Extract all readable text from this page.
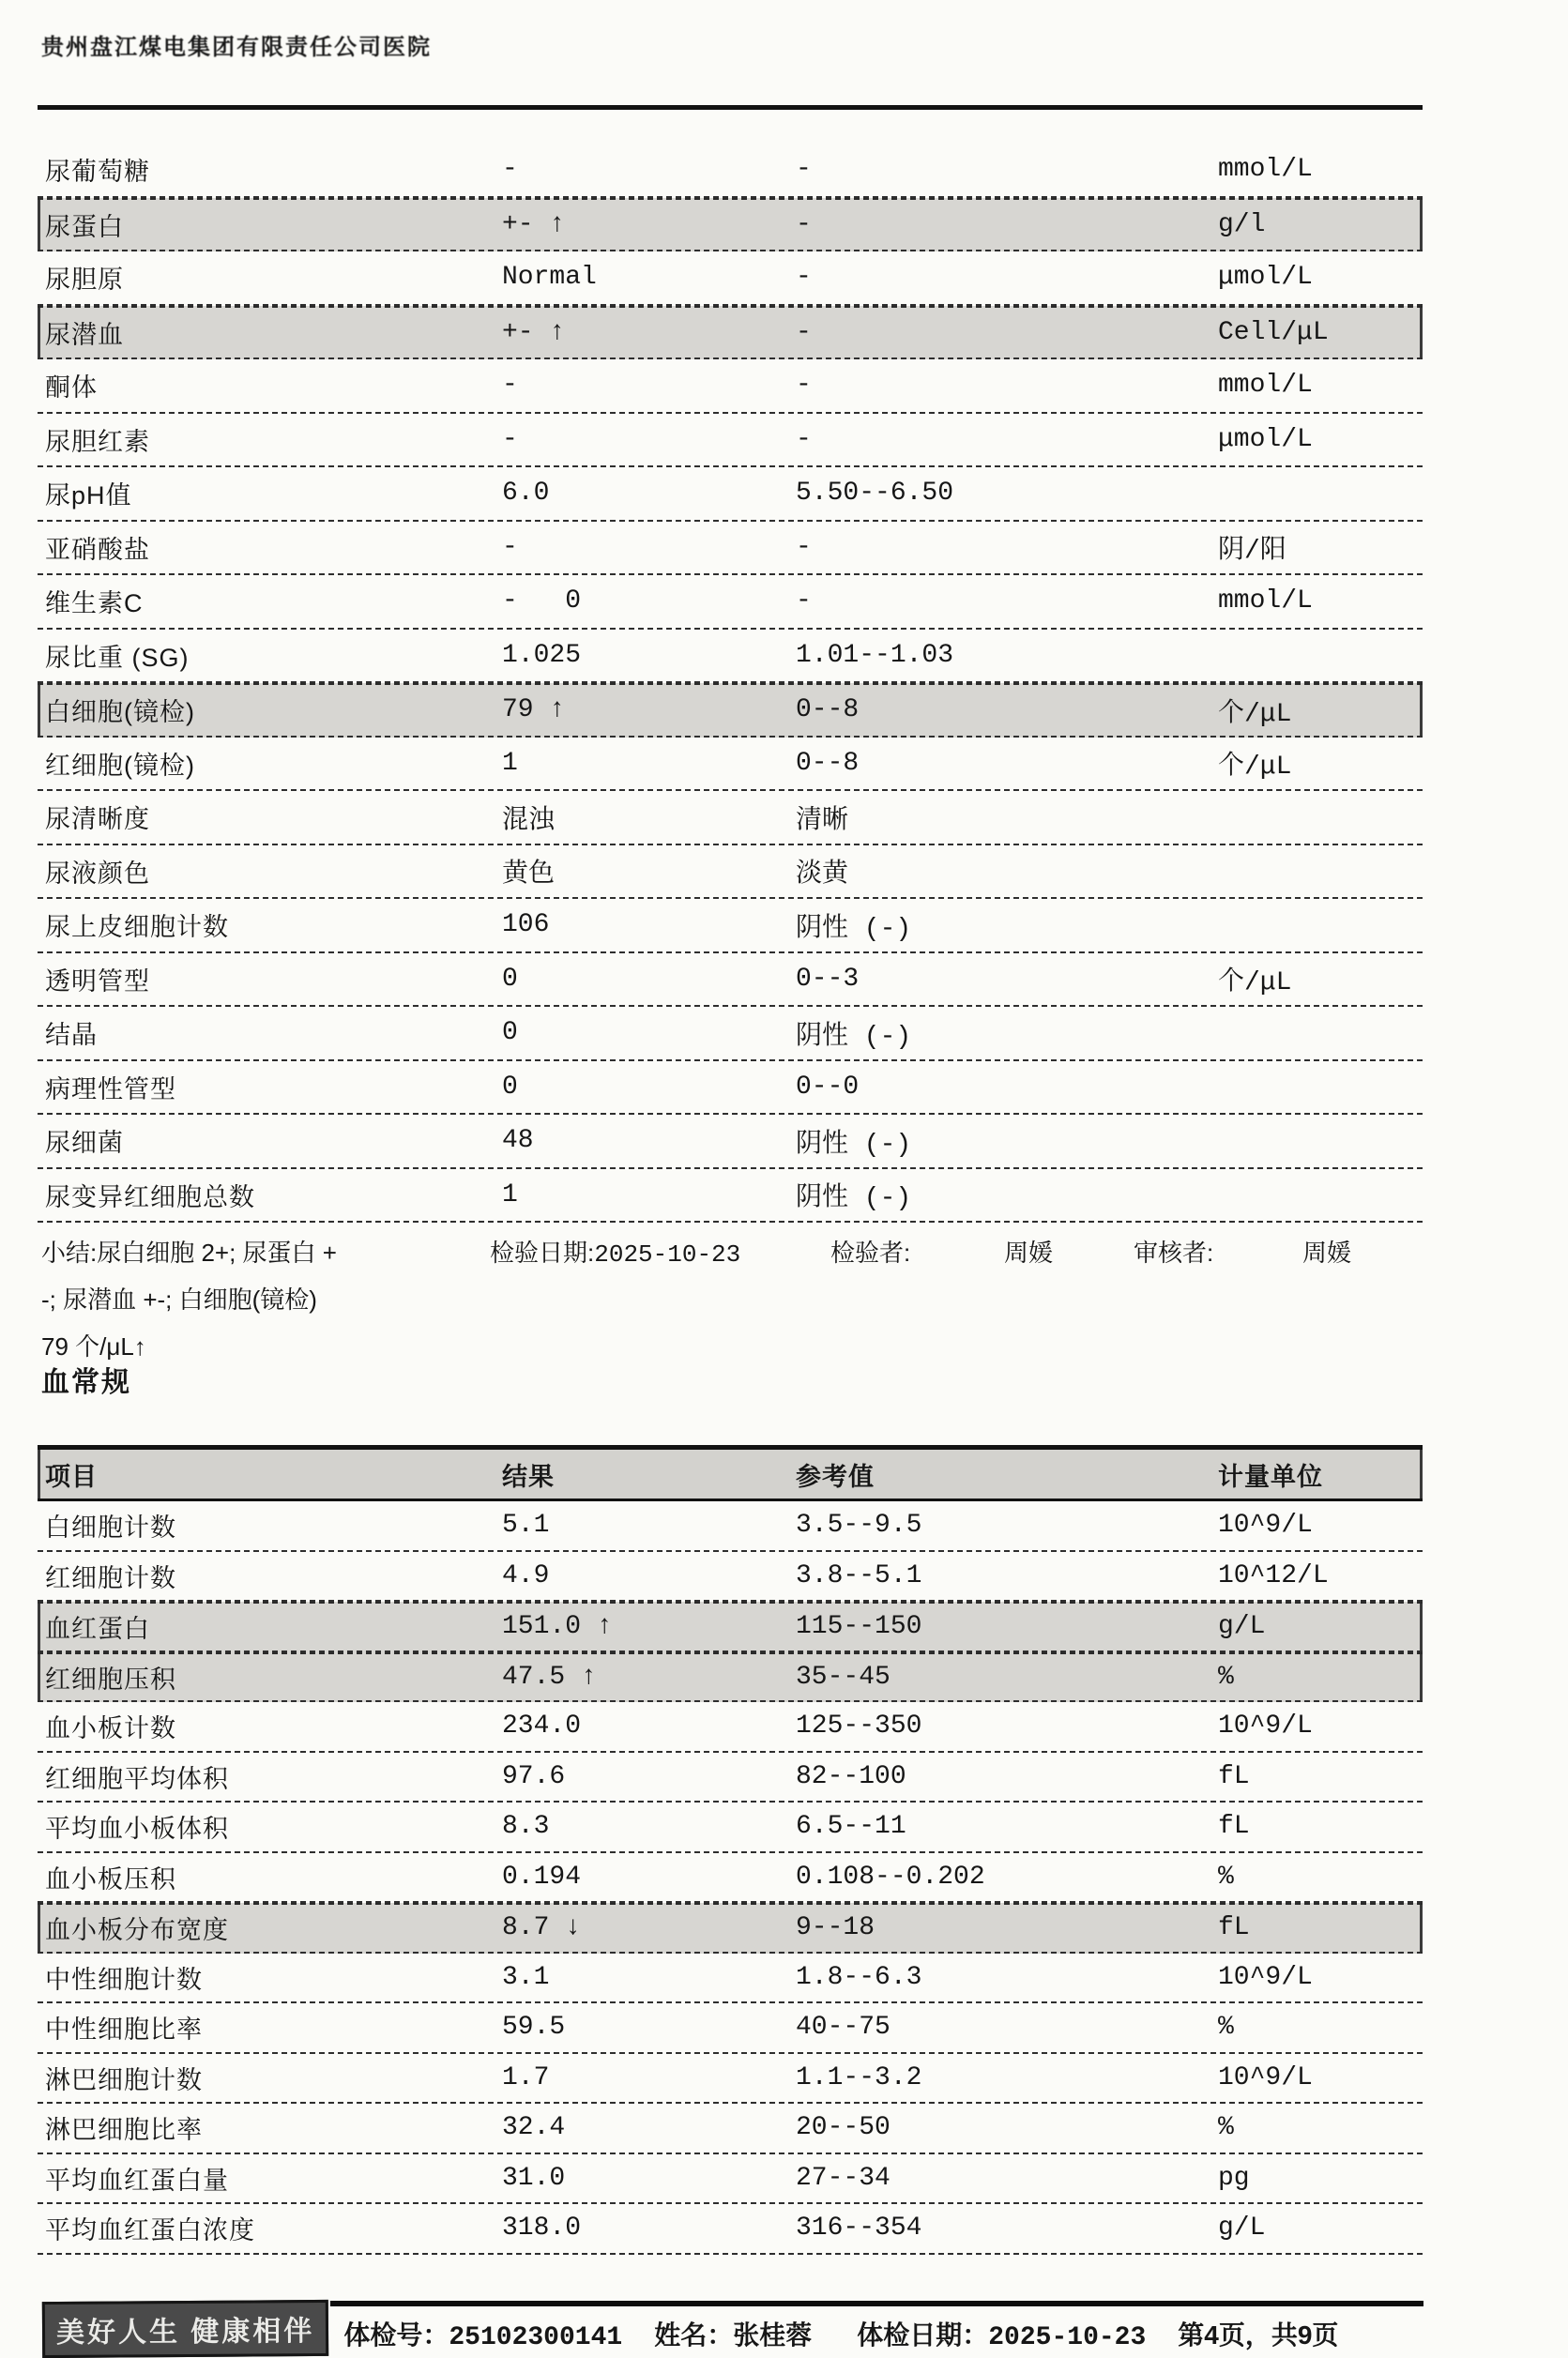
贵州盘江煤电集团有限责任公司医院
尿葡萄糖	-	-	mmol/L
尿蛋白	+- ↑	-	g/l
尿胆原	Normal	-	μmol/L
尿潜血	+- ↑	-	Cell/μL
酮体	-	-	mmol/L
尿胆红素	-	-	μmol/L
尿pH值	6.0	5.50--6.50
亚硝酸盐	-	-	阴/阳
维生素C	-   0	-	mmol/L
尿比重 (SG)	1.025	1.01--1.03
白细胞(镜检)	79 ↑	0--8	个/μL
红细胞(镜检)	1	0--8	个/μL
尿清晰度	混浊	清晰
尿液颜色	黄色	淡黄
尿上皮细胞计数	106	阴性 (-)
透明管型	0	0--3	个/μL
结晶	0	阴性 (-)
病理性管型	0	0--0
尿细菌	48	阴性 (-)
尿变异红细胞总数	1	阴性 (-)
小结:尿白细胞 2+; 尿蛋白 +
-; 尿潜血 +-; 白细胞(镜检)
79 个/μL↑
检验日期:2025-10-23	检验者:	周媛	审核者:	周媛
血常规
项目	结果	参考值	计量单位
白细胞计数	5.1	3.5--9.5	10^9/L
红细胞计数	4.9	3.8--5.1	10^12/L
血红蛋白	151.0 ↑	115--150	g/L
红细胞压积	47.5 ↑	35--45	%
血小板计数	234.0	125--350	10^9/L
红细胞平均体积	97.6	82--100	fL
平均血小板体积	8.3	6.5--11	fL
血小板压积	0.194	0.108--0.202	%
血小板分布宽度	8.7 ↓	9--18	fL
中性细胞计数	3.1	1.8--6.3	10^9/L
中性细胞比率	59.5	40--75	%
淋巴细胞计数	1.7	1.1--3.2	10^9/L
淋巴细胞比率	32.4	20--50	%
平均血红蛋白量	31.0	27--34	pg
平均血红蛋白浓度	318.0	316--354	g/L
美好人生 健康相伴	体检号：25102300141 姓名：张桂蓉 体检日期：2025-10-23 第4页，共9页
